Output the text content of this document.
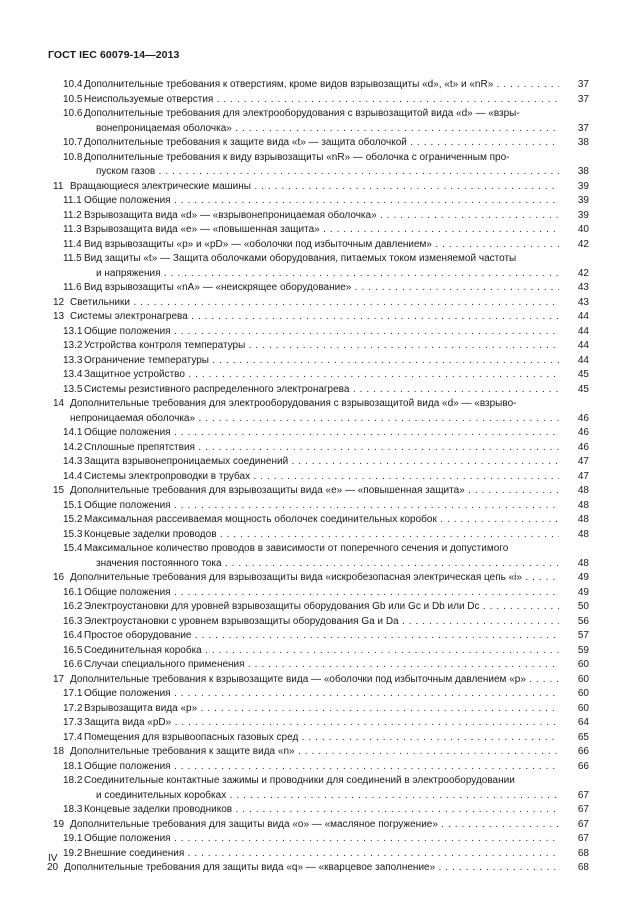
ГОСТ IEC 60079-14—2013
10.4 Дополнительные требования к отверстиям, кроме видов взрывозащиты «d», «t» и «nR» . . .	37
10.5 Неиспользуемые отверстия . . .	37
10.6 Дополнительные требования для электрооборудования с взрывозащитой вида «d» — «взры-
вонепроницаемая оболочка» . . .	37
10.7 Дополнительные требования к защите вида «t» — защита оболочкой . . .	38
10.8 Дополнительные требования к виду взрывозащиты «nR» — оболочка с ограниченным про-
пуском газов . . .	38
11 Вращающиеся электрические машины . . .	39
11.1 Общие положения . . .	39
11.2 Взрывозащита вида «d» — «взрывонепроницаемая оболочка» . . .	39
11.3 Взрывозащита вида «e» — «повышенная защита» . . .	40
11.4 Вид взрывозащиты «p» и «pD» — «оболочки под избыточным давлением» . . .	42
11.5 Вид защиты «t» — Защита оболочками оборудования, питаемых током изменяемой частоты
и напряжения . . .	42
11.6 Вид взрывозащиты «nA» — «неискрящее оборудование» . . .	43
12 Светильники . . .	43
13 Системы электронагрева . . .	44
13.1 Общие положения . . .	44
13.2 Устройства контроля температуры . . .	44
13.3 Ограничение температуры . . .	44
13.4 Защитное устройство . . .	45
13.5 Системы резистивного распределенного электронагрева . . .	45
14 Дополнительные требования для электрооборудования с взрывозащитой вида «d» — «взрыво-
непроницаемая оболочка» . . .	46
14.1 Общие положения . . .	46
14.2 Сплошные препятствия . . .	46
14.3 Защита взрывонепроницаемых соединений . . .	47
14.4 Системы электропроводки в трубах . . .	47
15 Дополнительные требования для взрывозащиты вида «e» — «повышенная защита» . . .	48
15.1 Общие положения . . .	48
15.2 Максимальная рассеиваемая мощность оболочек соединительных коробок . . .	48
15.3 Концевые заделки проводов . . .	48
15.4 Максимальное количество проводов в зависимости от поперечного сечения и допустимого
значения постоянного тока . . .	48
16 Дополнительные требования для взрывозащиты вида «искробезопасная электрическая цепь «i» . . .	49
16.1 Общие положения . . .	49
16.2 Электроустановки для уровней взрывозащиты оборудования Gb или Gc и Db или Dc . . .	50
16.3 Электроустановки с уровнем взрывозащиты оборудования Ga и Da . . .	56
16.4 Простое оборудование . . .	57
16.5 Соединительная коробка . . .	59
16.6 Случаи специального применения . . .	60
17 Дополнительные требования к взрывозащите вида — «оболочки под избыточным давлением «p» . . .	60
17.1 Общие положения . . .	60
17.2 Взрывозащита вида «p» . . .	60
17.3 Защита вида «pD» . . .	64
17.4 Помещения для взрывоопасных газовых сред . . .	65
18 Дополнительные требования к защите вида «n» . . .	66
18.1 Общие положения . . .	66
18.2 Соединительные контактные зажимы и проводники для соединений в электрооборудовании
и соединительных коробках . . .	67
18.3 Концевые заделки проводников . . .	67
19 Дополнительные требования для защиты вида «о» — «масляное погружение» . . .	67
19.1 Общие положения . . .	67
19.2 Внешние соединения . . .	68
20 Дополнительные требования для защиты вида «q» — «кварцевое заполнение» . . .	68
IV
